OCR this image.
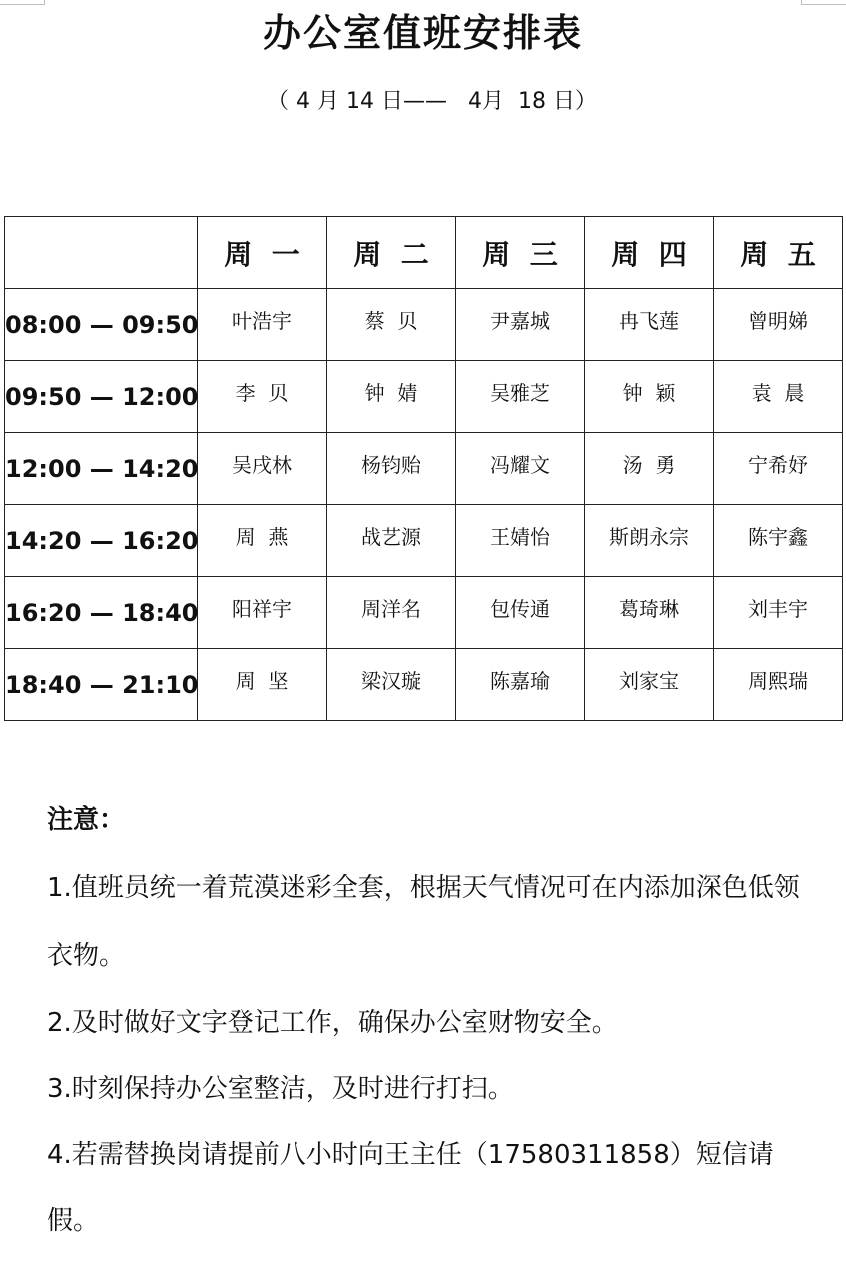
办公室值班安排表
（ 4 月 14 日——   4月  18 日）
	周  一	周  二	周  三	周  四	周  五
08:00 — 09:50	叶浩宇	蔡  贝	尹嘉城	冉飞莲	曾明娣
09:50 — 12:00	李  贝	钟  婧	吴雅芝	钟  颖	袁  晨
12:00 — 14:20	吴戌林	杨钧贻	冯耀文	汤  勇	宁希妤
14:20 — 16:20	周  燕	战艺源	王婧怡	斯朗永宗	陈宇鑫
16:20 — 18:40	阳祥宇	周洋名	包传通	葛琦琳	刘丰宇
18:40 — 21:10	周  坚	梁汉璇	陈嘉瑜	刘家宝	周熙瑞

注意：

1.值班员统一着荒漠迷彩全套，根据天气情况可在内添加深色低领衣物。

2.及时做好文字登记工作，确保办公室财物安全。

3.时刻保持办公室整洁，及时进行打扫。

4.若需替换岗请提前八小时向王主任（17580311858）短信请假。
